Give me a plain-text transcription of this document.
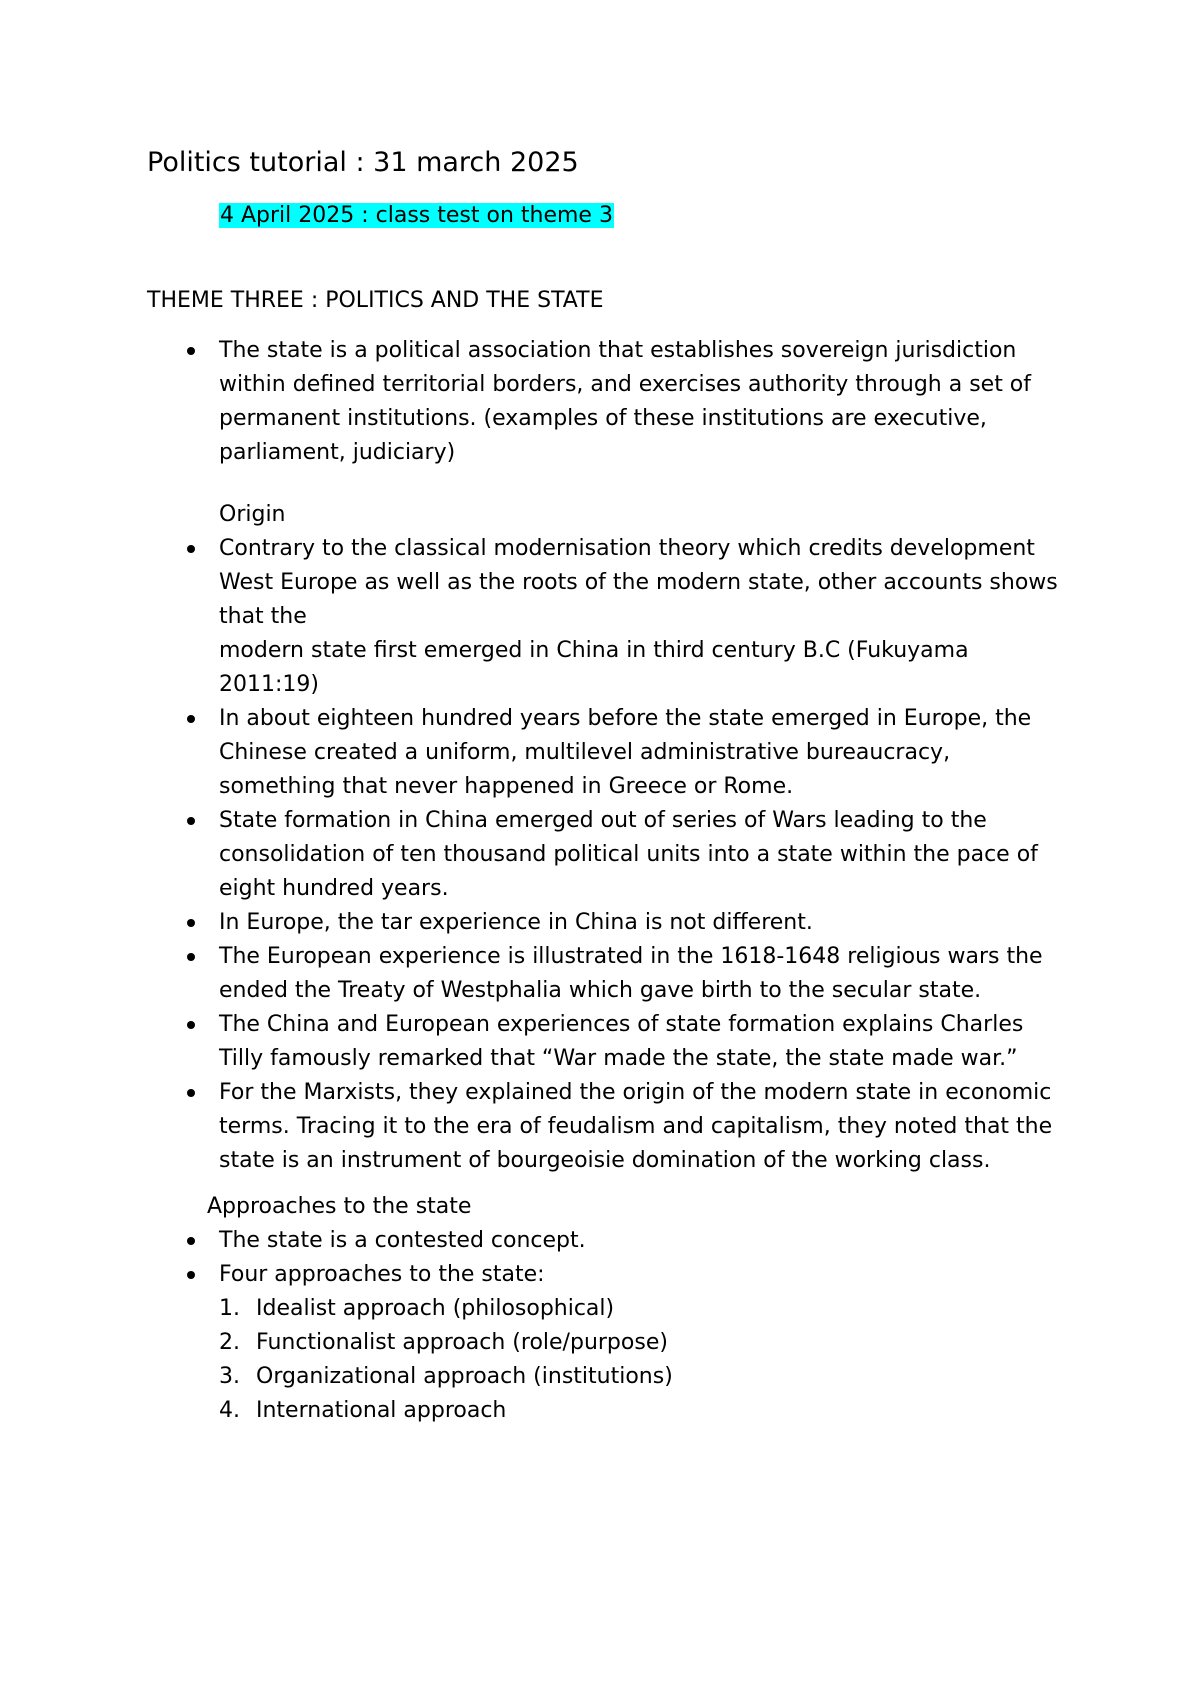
Politics tutorial : 31 march 2025
4 April 2025 : class test on theme 3
THEME THREE : POLITICS AND THE STATE
The state is a political association that establishes sovereign jurisdiction within defined territorial borders, and exercises authority through a set of permanent institutions. (examples of these institutions are executive, parliament, judiciary)
Origin
Contrary to the classical modernisation theory which credits development West Europe as well as the roots of the modern state, other accounts shows that the
modern state first emerged in China in third century B.C (Fukuyama 2011:19)
In about eighteen hundred years before the state emerged in Europe, the Chinese created a uniform, multilevel administrative bureaucracy, something that never happened in Greece or Rome.
State formation in China emerged out of series of Wars leading to the consolidation of ten thousand political units into a state within the pace of eight hundred years.
In Europe, the tar experience in China is not different.
The European experience is illustrated in the 1618-1648 religious wars the ended the Treaty of Westphalia which gave birth to the secular state.
The China and European experiences of state formation explains Charles Tilly famously remarked that “War made the state, the state made war.”
For the Marxists, they explained the origin of the modern state in economic terms. Tracing it to the era of feudalism and capitalism, they noted that the state is an instrument of bourgeoisie domination of the working class.
Approaches to the state
The state is a contested concept.
Four approaches to the state:
1. Idealist approach (philosophical)
2. Functionalist approach (role/purpose)
3. Organizational approach (institutions)
4. International approach
